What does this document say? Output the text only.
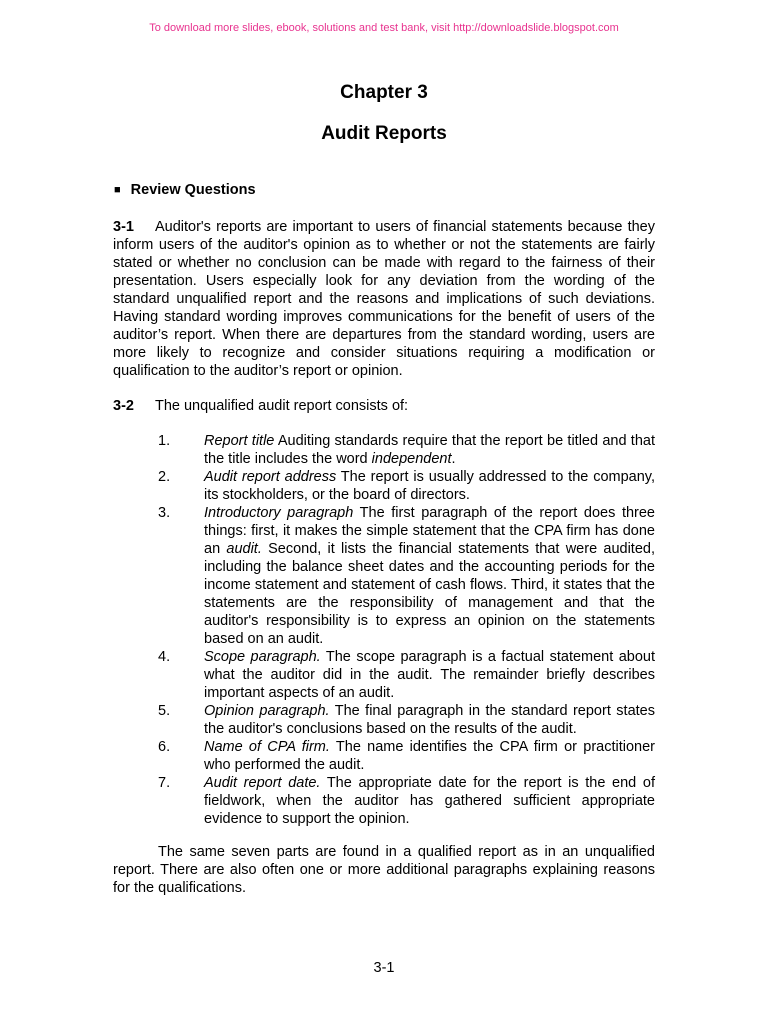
To download more slides, ebook, solutions and test bank, visit http://downloadslide.blogspot.com
Chapter 3
Audit Reports
■ Review Questions
3-1 Auditor's reports are important to users of financial statements because they inform users of the auditor's opinion as to whether or not the statements are fairly stated or whether no conclusion can be made with regard to the fairness of their presentation. Users especially look for any deviation from the wording of the standard unqualified report and the reasons and implications of such deviations. Having standard wording improves communications for the benefit of users of the auditor’s report. When there are departures from the standard wording, users are more likely to recognize and consider situations requiring a modification or qualification to the auditor’s report or opinion.
3-2 The unqualified audit report consists of:
1. Report title Auditing standards require that the report be titled and that the title includes the word independent.
2. Audit report address The report is usually addressed to the company, its stockholders, or the board of directors.
3. Introductory paragraph The first paragraph of the report does three things: first, it makes the simple statement that the CPA firm has done an audit. Second, it lists the financial statements that were audited, including the balance sheet dates and the accounting periods for the income statement and statement of cash flows. Third, it states that the statements are the responsibility of management and that the auditor's responsibility is to express an opinion on the statements based on an audit.
4. Scope paragraph. The scope paragraph is a factual statement about what the auditor did in the audit. The remainder briefly describes important aspects of an audit.
5. Opinion paragraph. The final paragraph in the standard report states the auditor's conclusions based on the results of the audit.
6. Name of CPA firm. The name identifies the CPA firm or practitioner who performed the audit.
7. Audit report date. The appropriate date for the report is the end of fieldwork, when the auditor has gathered sufficient appropriate evidence to support the opinion.
The same seven parts are found in a qualified report as in an unqualified report. There are also often one or more additional paragraphs explaining reasons for the qualifications.
3-1
